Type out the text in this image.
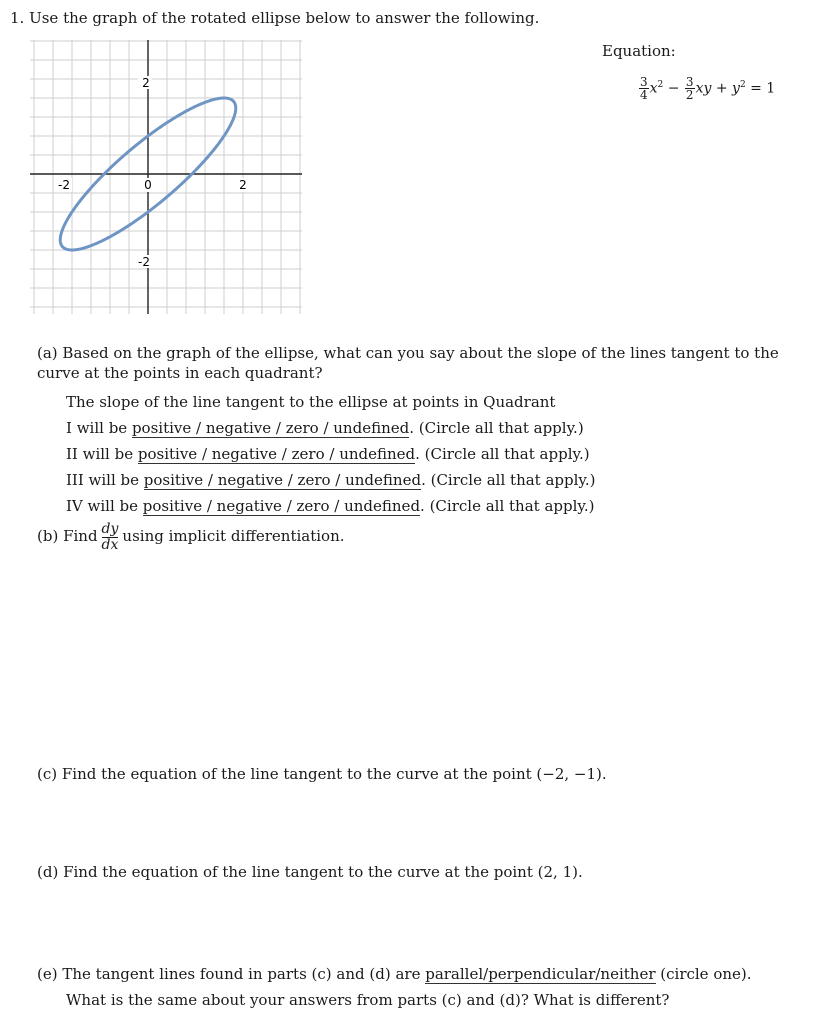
1. Use the graph of the rotated ellipse below to answer the following.
Equation:
$\frac{3}{4} x^2 - \frac{3}{2}$ xy + $y^2 = 1$
-2	0	2
2
-2
(a) Based on the graph of the ellipse, what can you say about the slope of the lines tangent to the curve at the points in each quadrant?
The slope of the line tangent to the ellipse at points in Quadrant
I will be positive / negative / zero / undefined. (Circle all that apply.)
II will be positive / negative / zero / undefined. (Circle all that apply.)
III will be positive / negative / zero / undefined. (Circle all that apply.)
IV will be positive / negative / zero / undefined. (Circle all that apply.)
(b) Find $\frac{dy}{dx}$ using implicit differentiation.
(c) Find the equation of the line tangent to the curve at the point (−2, −1).
(d) Find the equation of the line tangent to the curve at the point (2, 1).
(e) The tangent lines found in parts (c) and (d) are parallel/perpendicular/neither (circle one).
What is the same about your answers from parts (c) and (d)? What is different?
